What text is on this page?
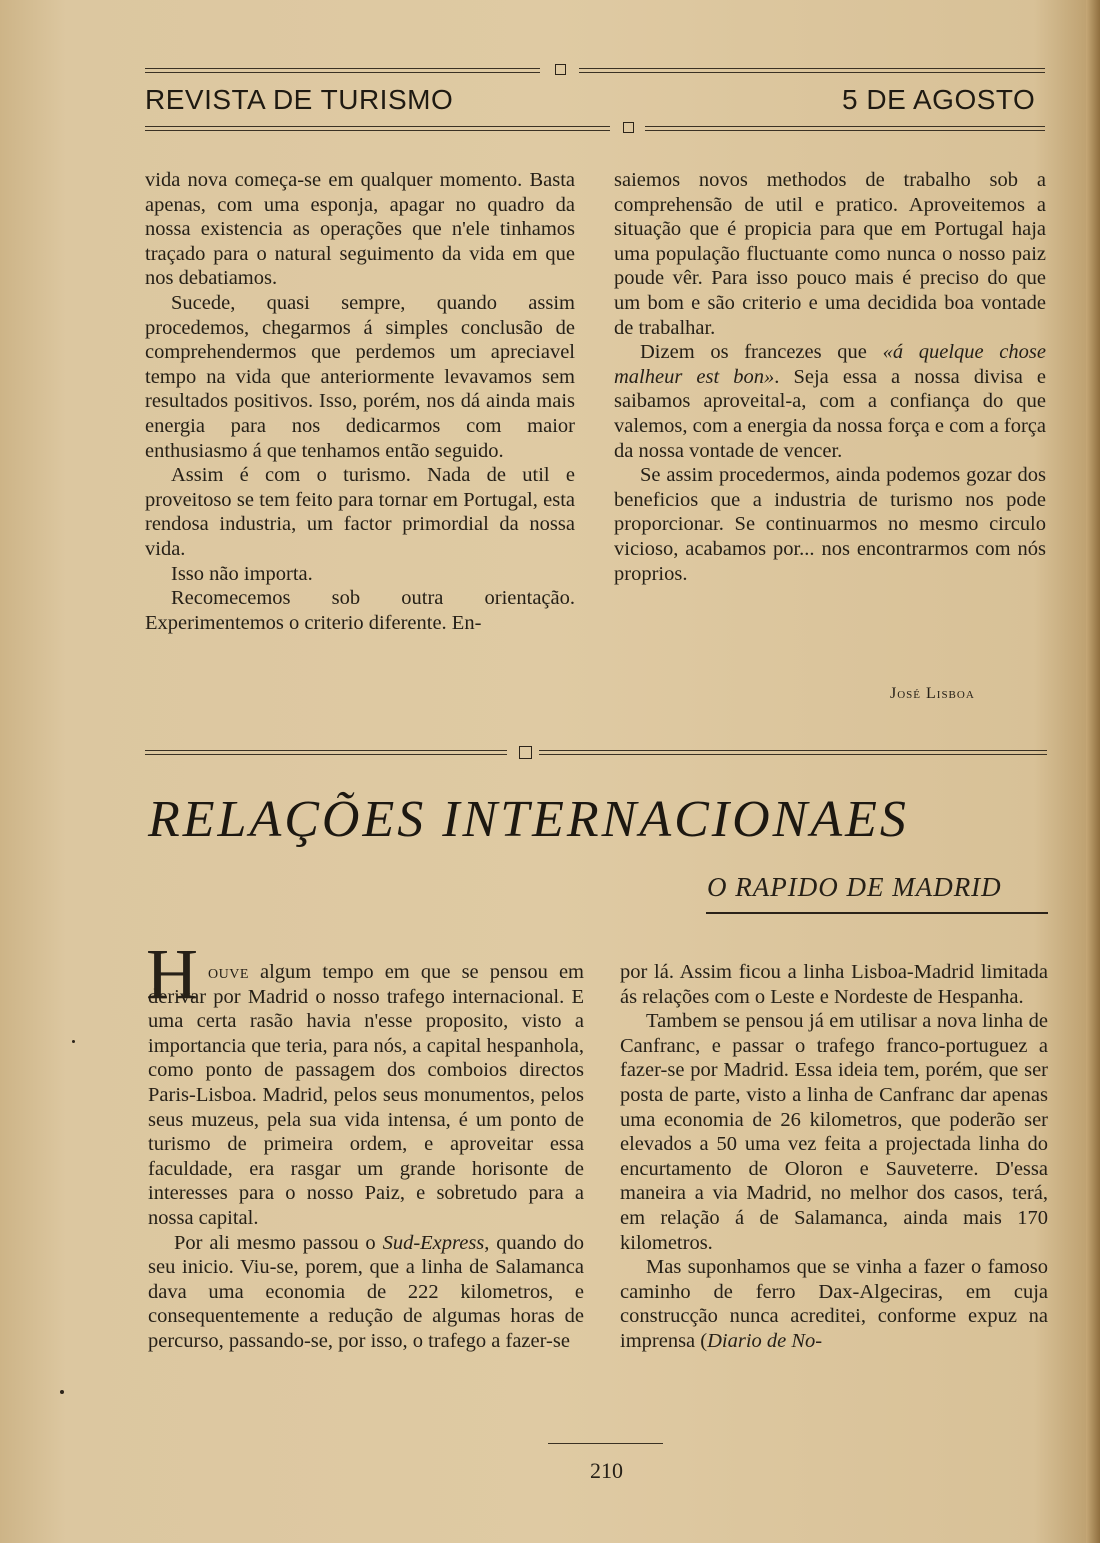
REVISTA DE TURISMO	5 DE AGOSTO

vida nova começa-se em qualquer momento. Basta apenas, com uma esponja, apagar no quadro da nossa existencia as operações que n'ele tinhamos traçado para o natural seguimento da vida em que nos debatiamos.

Sucede, quasi sempre, quando assim procedemos, chegarmos á simples conclusão de comprehendermos que perdemos um apreciavel tempo na vida que anteriormente levavamos sem resultados positivos. Isso, porém, nos dá ainda mais energia para nos dedicarmos com maior enthusiasmo á que tenhamos então seguido.

Assim é com o turismo. Nada de util e proveitoso se tem feito para tornar em Portugal, esta rendosa industria, um factor primordial da nossa vida.

Isso não importa.

Recomecemos sob outra orientação. Experimentemos o criterio diferente. En-

saiemos novos methodos de trabalho sob a comprehensão de util e pratico. Aproveitemos a situação que é propicia para que em Portugal haja uma população fluctuante como nunca o nosso paiz poude vêr. Para isso pouco mais é preciso do que um bom e são criterio e uma decidida boa vontade de trabalhar.

Dizem os francezes que «á quelque chose malheur est bon». Seja essa a nossa divisa e saibamos aproveital-a, com a confiança do que valemos, com a energia da nossa força e com a força da nossa vontade de vencer.

Se assim procedermos, ainda podemos gozar dos beneficios que a industria de turismo nos pode proporcionar. Se continuarmos no mesmo circulo vicioso, acabamos por... nos encontrarmos com nós proprios.

José Lisboa
RELAÇÕES INTERNACIONAES
O RAPIDO DE MADRID
H ouve algum tempo em que se pensou em derivar por Madrid o nosso trafego internacional. E uma certa rasão havia n'esse proposito, visto a importancia que teria, para nós, a capital hespanhola, como ponto de passagem dos comboios directos Paris-Lisboa. Madrid, pelos seus monumentos, pelos seus muzeus, pela sua vida intensa, é um ponto de turismo de primeira ordem, e aproveitar essa faculdade, era rasgar um grande horisonte de interesses para o nosso Paiz, e sobretudo para a nossa capital.

Por ali mesmo passou o Sud-Express, quando do seu inicio. Viu-se, porem, que a linha de Salamanca dava uma economia de 222 kilometros, e consequentemente a redução de algumas horas de percurso, passando-se, por isso, o trafego a fazer-se

por lá. Assim ficou a linha Lisboa-Madrid limitada ás relações com o Leste e Nordeste de Hespanha.

Tambem se pensou já em utilisar a nova linha de Canfranc, e passar o trafego franco-portuguez a fazer-se por Madrid. Essa ideia tem, porém, que ser posta de parte, visto a linha de Canfranc dar apenas uma economia de 26 kilometros, que poderão ser elevados a 50 uma vez feita a projectada linha do encurtamento de Oloron e Sauveterre. D'essa maneira a via Madrid, no melhor dos casos, terá, em relação á de Salamanca, ainda mais 170 kilometros.

Mas suponhamos que se vinha a fazer o famoso caminho de ferro Dax-Algeciras, em cuja construcção nunca acreditei, conforme expuz na imprensa (Diario de No-

210
